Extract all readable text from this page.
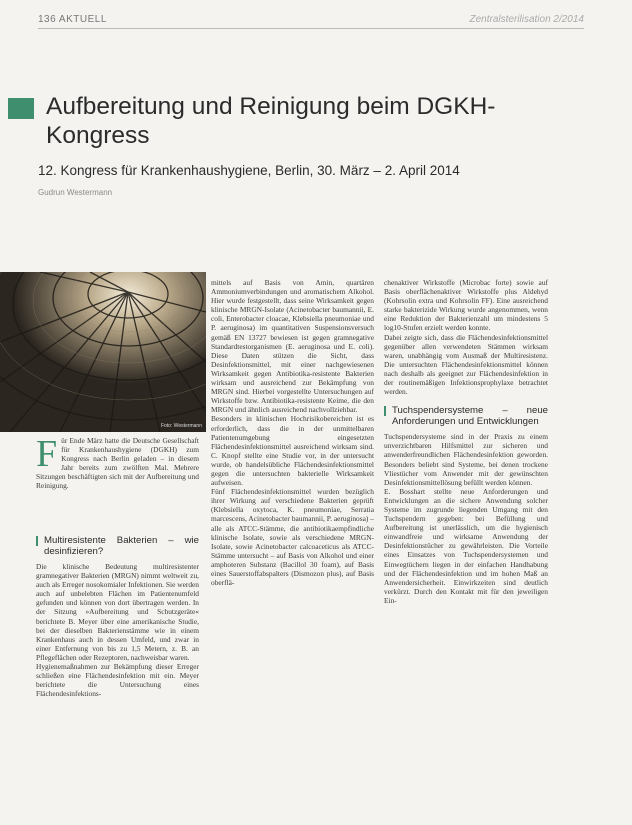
136 AKTUELL	Zentralsterilisation 2/2014
Aufbereitung und Reinigung beim DGKH-Kongress
12. Kongress für Krankenhaushygiene, Berlin, 30. März – 2. April 2014
Gudrun Westermann
Foto: Westermann
F ür Ende März hatte die Deutsche Gesellschaft für Krankenhaushygiene (DGKH) zum Kongress nach Berlin geladen – in diesem Jahr bereits zum zwölften Mal. Mehrere Sitzungen beschäftigten sich mit der Aufbereitung und Reinigung.
Multiresistente Bakterien – wie desinfizieren?

Die klinische Bedeutung multiresistenter gramnegativer Bakterien (MRGN) nimmt weltweit zu, auch als Erreger nosokomialer Infektionen. Sie werden auch auf unbelebten Flächen im Patientenumfeld gefunden und können von dort übertragen werden. In der Sitzung »Aufbereitung und Schutzgeräte« berichtete B. Meyer über eine amerikanische Studie, bei der dieselben Bakterienstämme wie in einem Krankenhaus auch in dessen Umfeld, und zwar in einer Entfernung von bis zu 1,5 Metern, z. B. an Pflegeflächen oder Rezeptoren, nachweisbar waren.
Hygienemaßnahmen zur Bekämpfung dieser Erreger schließen eine Flächendesinfektion mit ein. Meyer berichtete die Untersuchung eines Flächendesinfektions-

mittels auf Basis von Amin, quartären Ammoniumverbindungen und aromatischem Alkohol. Hier wurde festgestellt, dass seine Wirksamkeit gegen klinische MRGN-Isolate (Acinetobacter baumannii, E. coli, Enterobacter cloacae, Klebsiella pneumoniae und P. aeruginosa) im quantitativen Suspensionsversuch gemäß EN 13727 bewiesen ist gegen gramnegative Standardtestorganismen (E. aeruginosa und E. coli). Diese Daten stützen die Sicht, dass Desinfektionsmittel, mit einer nachgewiesenen Wirksamkeit gegen Antibiotika-resistente Bakterien wirksam und ausreichend zur Bekämpfung von MRGN sind. Hierbei vorgestellte Untersuchungen auf Wirkstoffe bzw. Antibiotika-resistente Keime, die den MRGN und ähnlich ausreichend nachvollziehbar.

Besonders in klinischen Hochrisikobereichen ist es erforderlich, dass die in der unmittelbaren Patientenumgebung eingesetzten Flächendesinfektionsmittel ausreichend wirksam sind. C. Knopf stellte eine Studie vor, in der untersucht wurde, ob handelsübliche Flächendesinfektionsmittel gegen die untersuchten bakterielle Wirksamkeit aufweisen.

Fünf Flächendesinfektionsmittel wurden bezüglich ihrer Wirkung auf verschiedene Bakterien geprüft (Klebsiella oxytoca, K. pneumoniae, Serratia marcescens, Acinetobacter baumannii, P. aeruginosa) – alle als ATCC-Stämme, die antibiotikaempfindliche klinische Isolate, sowie als verschiedene MRGN-Isolate, sowie Acinetobacter calcoaceticus als ATCC-Stämme untersucht – auf Basis von Alkohol und einer amphoteren Substanz (Bacillol 30 foam), auf Basis eines Sauerstoffabspalters (Dismozon plus), auf Basis oberflä-

chenaktiver Wirkstoffe (Microbac forte) sowie auf Basis oberflächenaktiver Wirkstoffe plus Aldehyd (Kohrsolin extra und Kohrsolin FF). Eine ausreichend starke bakterizide Wirkung wurde angenommen, wenn eine Reduktion der Bakterienzahl um mindestens 5 log10-Stufen erzielt werden konnte.

Dabei zeigte sich, dass die Flächendesinfektionsmittel gegenüber allen verwendeten Stämmen wirksam waren, unabhängig vom Ausmaß der Multiresistenz. Die untersuchten Flächendesinfektionsmittel können nach deshalb als geeignet zur Flächendesinfektion in der routinemäßigen Infektionsprophylaxe betrachtet werden.

Tuchspendersysteme – neue Anforderungen und Entwicklungen

Tuchspendersysteme sind in der Praxis zu einem unverzichtbaren Hilfsmittel zur sicheren und anwenderfreundlichen Flächendesinfektion geworden. Besonders beliebt sind Systeme, bei denen trockene Vliestücher vom Anwender mit der gewünschten Desinfektionsmittellösung befüllt werden können.
E. Bosshart stellte neue Anforderungen und Entwicklungen an die sichere Anwendung solcher Systeme im zugrunde liegenden Umgang mit den Tuchspendern gegeben: bei Befüllung und Aufbereitung ist unerlässlich, um die hygienisch einwandfreie und wirksame Anwendung der Desinfektionstücher zu gewährleisten. Die Vorteile eines Einsatzes von Tuchspendersystemen und Einwegtüchern liegen in der einfachen Handhabung und der Flächendesinfektion und im hohen Maß an Anwendersicherheit. Einwirkzeiten sind deutlich verkürzt. Durch den Kontakt mit für den jeweiligen Ein-
